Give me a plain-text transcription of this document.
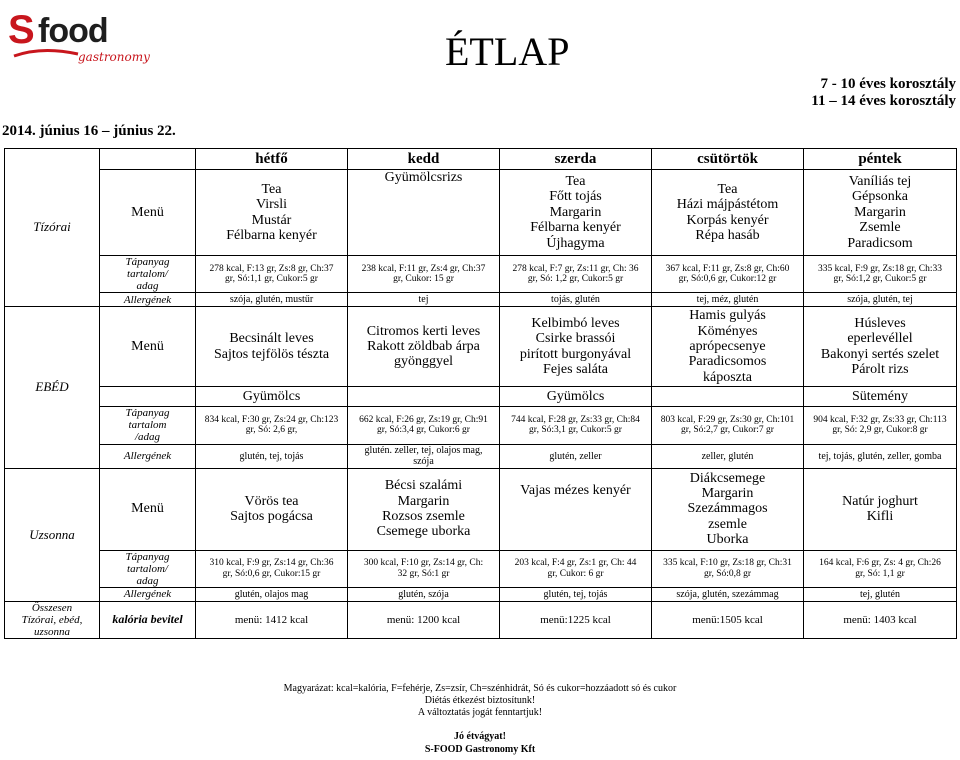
S food
gastronomy	ÉTLAP
7 - 10 éves korosztály
11 – 14 éves korosztály
2014. június 16 – június 22.
Tízórai		hétfő	kedd	szerda	csütörtök	péntek
	Menü	Tea
Virsli
Mustár
Félbarna kenyér	Gyümölcsrizs	Tea
Főtt tojás
Margarin
Félbarna kenyér
Újhagyma	Tea
Házi májpástétom
Korpás kenyér
Répa hasáb	Vaníliás tej
Gépsonka
Margarin
Zsemle
Paradicsom

	Tápanyag
tartalom/
adag	278 kcal, F:13 gr, Zs:8 gr, Ch:37
gr, Só:1,1 gr, Cukor:5 gr	238 kcal, F:11 gr, Zs:4 gr, Ch:37
gr, Cukor: 15 gr	278 kcal, F:7 gr, Zs:11 gr, Ch: 36
gr, Só: 1,2 gr, Cukor:5 gr	367 kcal, F:11 gr, Zs:8 gr, Ch:60
gr, Só:0,6 gr, Cukor:12 gr	335 kcal, F:9 gr, Zs:18 gr, Ch:33
gr, Só:1,2 gr, Cukor:5 gr

	Allergének	szója, glutén, mustűr	tej	tojás, glutén	tej, méz, glutén	szója, glutén, tej
EBÉD	Menü	Becsinált leves
Sajtos tejfölös tészta	Citromos kerti leves
Rakott zöldbab árpa
gyönggyel	Kelbimbó leves
Csirke brassói
pirított burgonyával
Fejes saláta	Hamis gulyás
Köményes
aprópecsenye
Paradicsomos
káposzta	Húsleves
eperlevéllel
Bakonyi sertés szelet
Párolt rizs

		Gyümölcs		Gyümölcs		Sütemény

	Tápanyag
tartalom
/adag	834 kcal, F:30 gr, Zs:24 gr, Ch:123
gr, Só: 2,6 gr,	662 kcal, F:26 gr, Zs:19 gr, Ch:91
gr, Só:3,4 gr, Cukor:6 gr	744 kcal, F:28 gr, Zs:33 gr, Ch:84
gr, Só:3,1 gr, Cukor:5 gr	803 kcal, F:29 gr, Zs:30 gr, Ch:101
gr, Só:2,7 gr, Cukor:7 gr	904 kcal, F:32 gr, Zs:33 gr, Ch:113
gr, Só: 2,9 gr, Cukor:8 gr

	Allergének	glutén, tej, tojás	glutén. zeller, tej, olajos mag,
szója	glutén, zeller	zeller, glutén	tej, tojás, glutén, zeller, gomba

Uzsonna	Menü	Vörös tea
Sajtos pogácsa	Bécsi szalámi
Margarin
Rozsos zsemle
Csemege uborka	Vajas mézes kenyér	Diákcsemege
Margarin
Szezámmagos
zsemle
Uborka	Natúr joghurt
Kifli

	Tápanyag
tartalom/
adag	310 kcal, F:9 gr, Zs:14 gr, Ch:36
gr, Só:0,6 gr, Cukor:15 gr	300 kcal, F:10 gr, Zs:14 gr, Ch:
32 gr, Só:1 gr	203 kcal, F:4 gr, Zs:1 gr, Ch: 44
gr, Cukor: 6 gr	335 kcal, F:10 gr, Zs:18 gr, Ch:31
gr, Só:0,8 gr	164 kcal, F:6 gr, Zs: 4 gr, Ch:26
gr, Só: 1,1 gr

	Allergének	glutén, olajos mag	glutén, szója	glutén, tej, tojás	szója, glutén, szezámmag	tej, glutén

Összesen
Tízórai, ebéd,
uzsonna	kalória bevitel	menü: 1412 kcal	menü: 1200 kcal	menü:1225 kcal	menü:1505 kcal	menü: 1403 kcal
Magyarázat: kcal=kalória, F=fehérje, Zs=zsír, Ch=szénhidrát, Só és cukor=hozzáadott só és cukor
Diétás étkezést biztosítunk!
A változtatás jogát fenntartjuk!
Jó étvágyat!
S-FOOD Gastronomy Kft
